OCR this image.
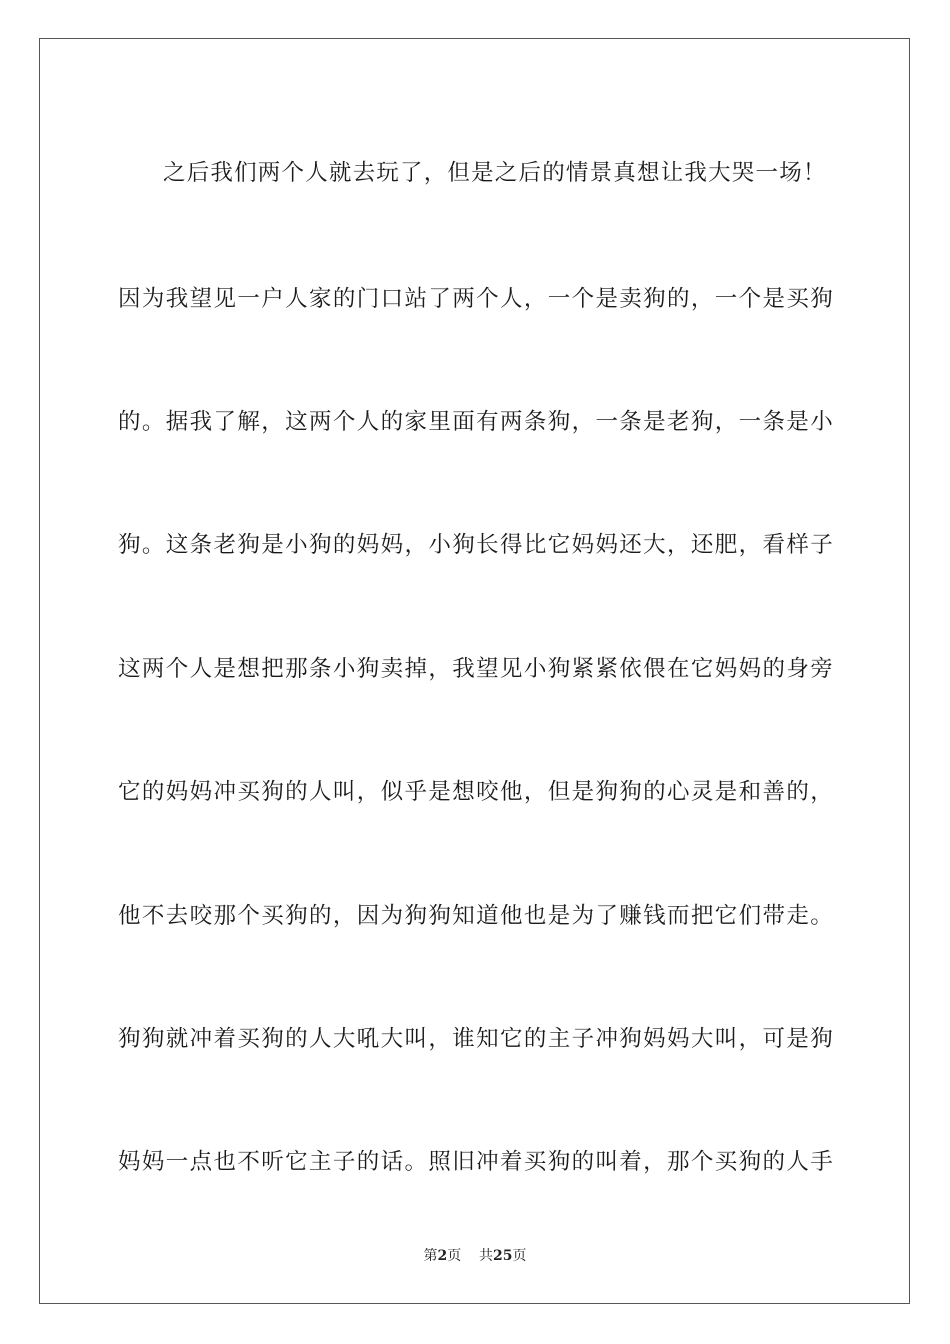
之后我们两个人就去玩了，但是之后的情景真想让我大哭一场！

因为我望见一户人家的门口站了两个人，一个是卖狗的，一个是买狗

的。据我了解，这两个人的家里面有两条狗，一条是老狗，一条是小

狗。这条老狗是小狗的妈妈，小狗长得比它妈妈还大，还肥，看样子

这两个人是想把那条小狗卖掉，我望见小狗紧紧依偎在它妈妈的身旁

它的妈妈冲买狗的人叫，似乎是想咬他，但是狗狗的心灵是和善的，

他不去咬那个买狗的，因为狗狗知道他也是为了赚钱而把它们带走。

狗狗就冲着买狗的人大吼大叫，谁知它的主子冲狗妈妈大叫，可是狗

妈妈一点也不听它主子的话。照旧冲着买狗的叫着，那个买狗的人手

第2页 共25页
